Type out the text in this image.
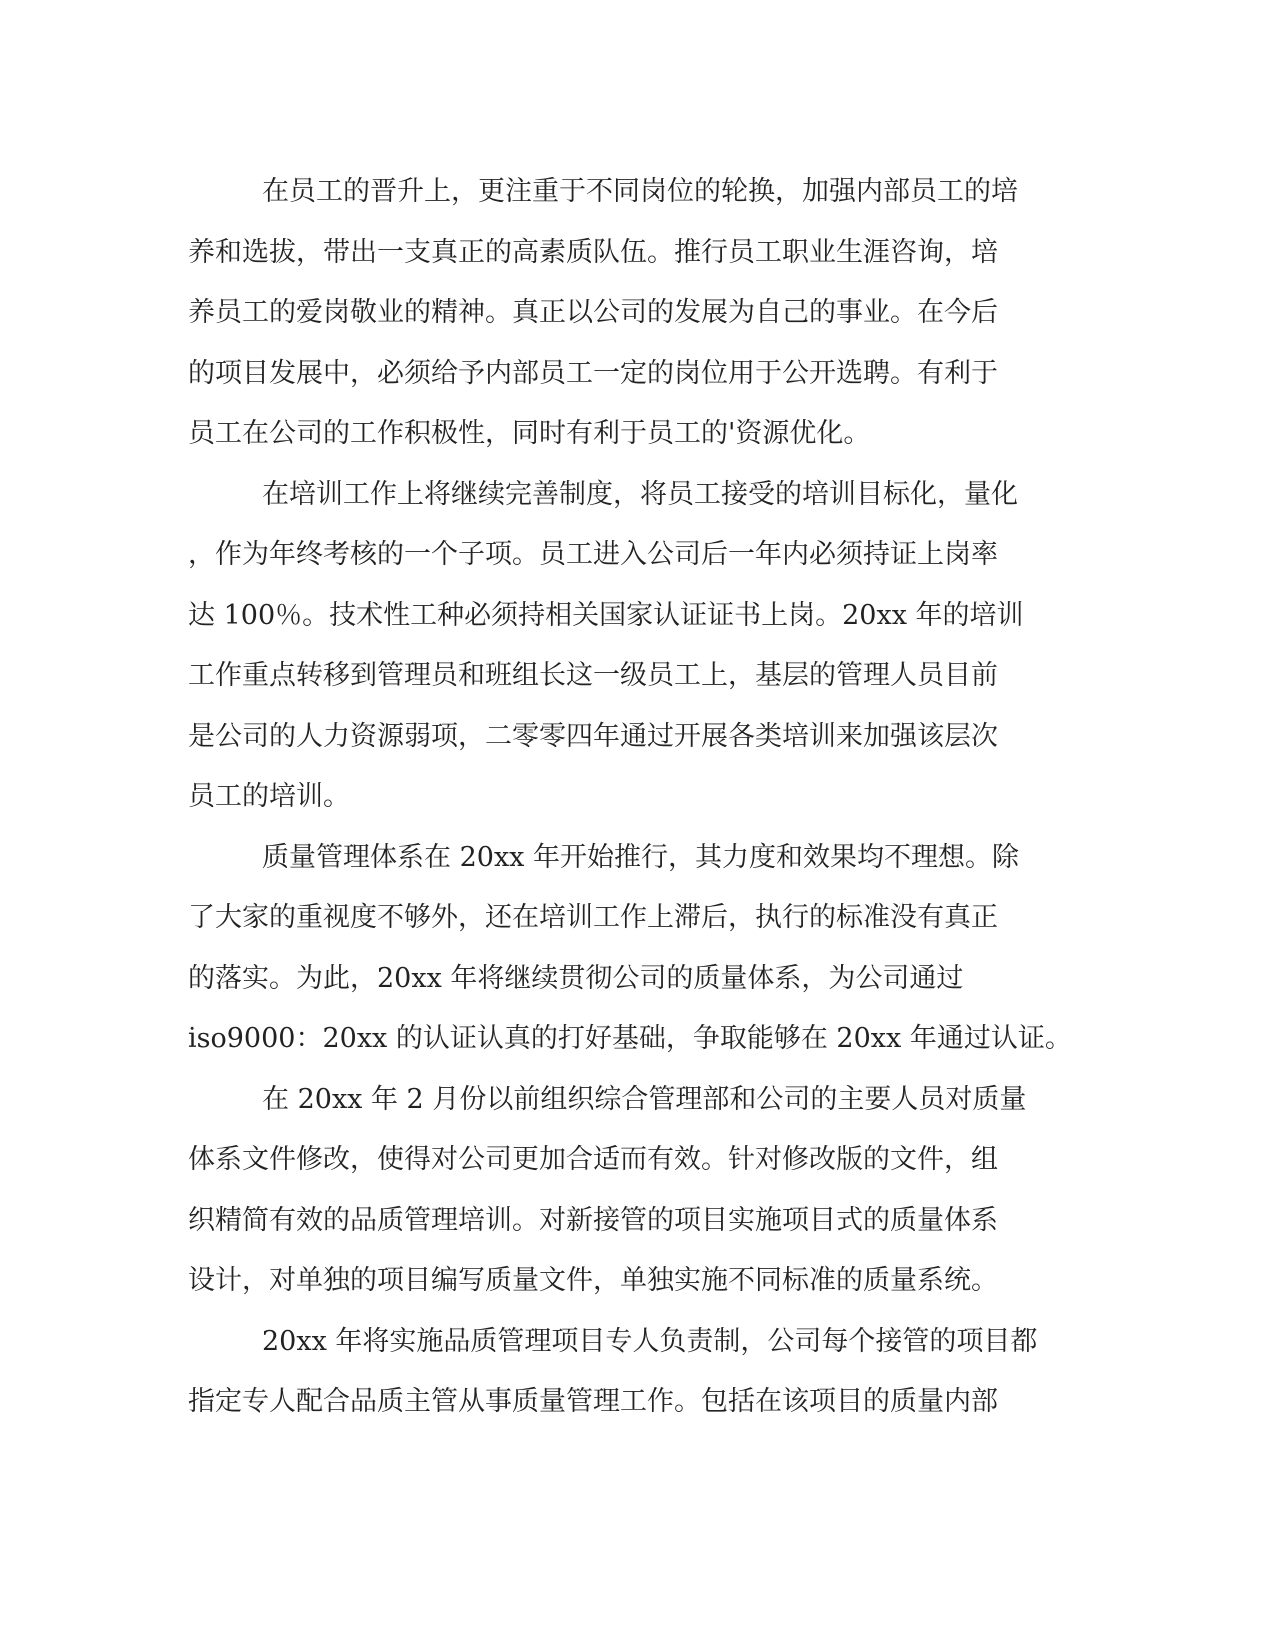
在员工的晋升上，更注重于不同岗位的轮换，加强内部员工的培
养和选拔，带出一支真正的高素质队伍。推行员工职业生涯咨询，培
养员工的爱岗敬业的精神。真正以公司的发展为自己的事业。在今后
的项目发展中，必须给予内部员工一定的岗位用于公开选聘。有利于
员工在公司的工作积极性，同时有利于员工的'资源优化。
在培训工作上将继续完善制度，将员工接受的培训目标化，量化
，作为年终考核的一个子项。员工进入公司后一年内必须持证上岗率
达 100％。技术性工种必须持相关国家认证证书上岗。20xx 年的培训
工作重点转移到管理员和班组长这一级员工上，基层的管理人员目前
是公司的人力资源弱项，二零零四年通过开展各类培训来加强该层次
员工的培训。
质量管理体系在 20xx 年开始推行，其力度和效果均不理想。除
了大家的重视度不够外，还在培训工作上滞后，执行的标准没有真正
的落实。为此，20xx 年将继续贯彻公司的质量体系，为公司通过
iso9000：20xx 的认证认真的打好基础，争取能够在 20xx 年通过认证。
在 20xx 年 2 月份以前组织综合管理部和公司的主要人员对质量
体系文件修改，使得对公司更加合适而有效。针对修改版的文件，组
织精简有效的品质管理培训。对新接管的项目实施项目式的质量体系
设计，对单独的项目编写质量文件，单独实施不同标准的质量系统。
20xx 年将实施品质管理项目专人负责制，公司每个接管的项目都
指定专人配合品质主管从事质量管理工作。包括在该项目的质量内部
